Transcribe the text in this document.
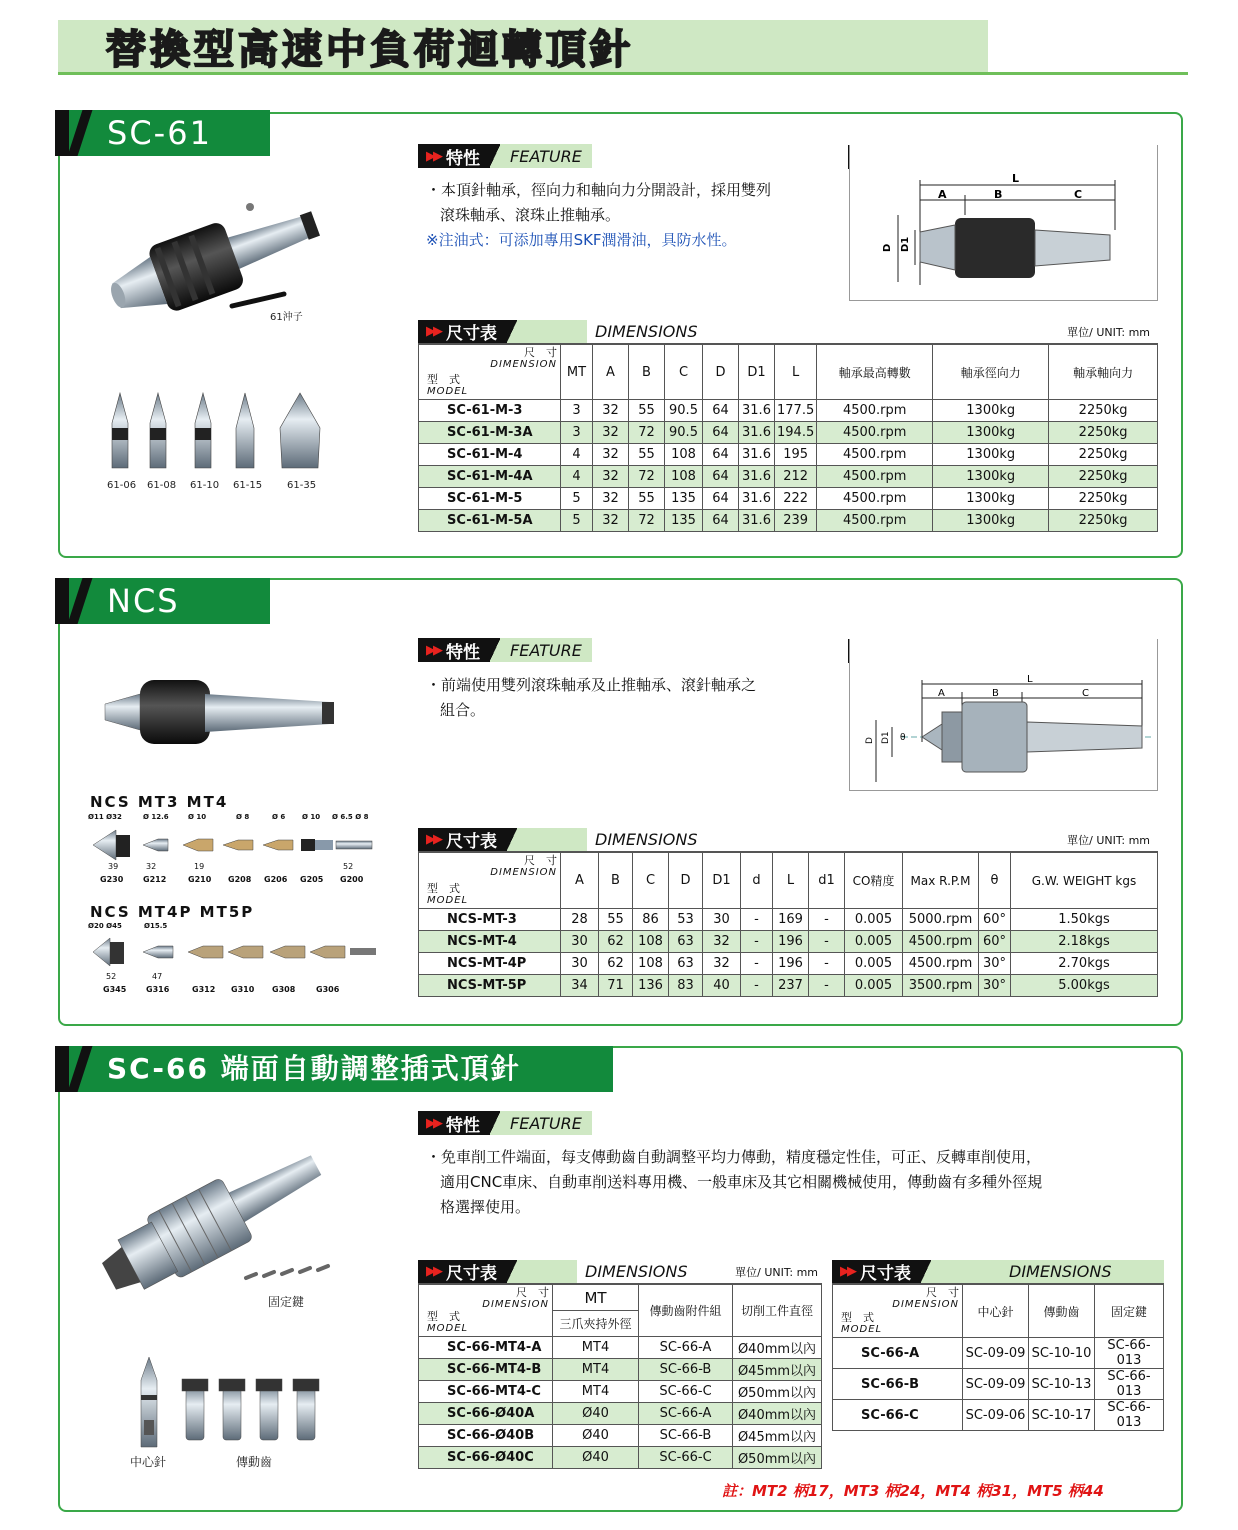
替換型高速中負荷迴轉頂針
SC-61
61沖子
61-06 61-08 61-10 61-15 61-35
▶▶ 特性	FEATURE
・本頂針軸承，徑向力和軸向力分開設計，採用雙列
滾珠軸承、滾珠止推軸承。
※注油式：可添加專用SKF潤滑油，具防水性。
L
A	B	C
D D1
▶▶ 尺寸表	DIMENSIONS	單位/ UNIT: mm
尺　寸
DIMENSION
型　式
MODEL	MT	A	B	C	D	D1	L	軸承最高轉數	軸承徑向力	軸承軸向力
SC-61-M-3	3	32	55	90.5	64	31.6	177.5	4500.rpm	1300kg	2250kg
SC-61-M-3A	3	32	72	90.5	64	31.6	194.5	4500.rpm	1300kg	2250kg
SC-61-M-4	4	32	55	108	64	31.6	195	4500.rpm	1300kg	2250kg
SC-61-M-4A	4	32	72	108	64	31.6	212	4500.rpm	1300kg	2250kg
SC-61-M-5	5	32	55	135	64	31.6	222	4500.rpm	1300kg	2250kg
SC-61-M-5A	5	32	72	135	64	31.6	239	4500.rpm	1300kg	2250kg
NCS
▶▶ 特性	FEATURE
・前端使用雙列滾珠軸承及止推軸承、滾針軸承之
組合。
L
A	B	C
D D1 θ
NCS MT3 MT4
Ø11 Ø32	Ø 12.6	Ø 10	Ø 8	Ø 6 Ø 10 Ø 6.5 Ø 8
G230 G212	G210 G208 G206 G205 G200
39	32	19	52
NCS MT4P MT5P
Ø20 Ø45	Ø15.5
G345 G316	G312 G310 G308	G306
52	47
▶▶ 尺寸表	DIMENSIONS	單位/ UNIT: mm
尺　寸
DIMENSION
型　式
MODEL	A	B	C	D	D1	d	L	d1	CO精度	Max R.P.M	θ	G.W. WEIGHT kgs
NCS-MT-3	28	55	86	53	30	-	169	-	0.005	5000.rpm	60°	1.50kgs
NCS-MT-4	30	62	108	63	32	-	196	-	0.005	4500.rpm	60°	2.18kgs
NCS-MT-4P	30	62	108	63	32	-	196	-	0.005	4500.rpm	30°	2.70kgs
NCS-MT-5P	34	71	136	83	40	-	237	-	0.005	3500.rpm	30°	5.00kgs
SC-66 端面自動調整插式頂針
固定鍵
中心針	傳動齒
▶▶ 特性	FEATURE
・免車削工件端面，每支傳動齒自動調整平均力傳動，精度穩定性佳，可正、反轉車削使用，
適用CNC車床、自動車削送料專用機、一般車床及其它相關機械使用，傳動齒有多種外徑規
格選擇使用。
▶▶ 尺寸表	DIMENSIONS	單位/ UNIT: mm
尺　寸
DIMENSION
型　式
MODEL	MT	傳動齒附件組	切削工件直徑
	三爪夾持外徑		
SC-66-MT4-A	MT4	SC-66-A	Ø40mm以內
SC-66-MT4-B	MT4	SC-66-B	Ø45mm以內
SC-66-MT4-C	MT4	SC-66-C	Ø50mm以內
SC-66-Ø40A	Ø40	SC-66-A	Ø40mm以內
SC-66-Ø40B	Ø40	SC-66-B	Ø45mm以內
SC-66-Ø40C	Ø40	SC-66-C	Ø50mm以內
▶▶ 尺寸表	DIMENSIONS
尺　寸
DIMENSION
型　式
MODEL	中心針	傳動齒	固定鍵
SC-66-A	SC-09-09	SC-10-10	SC-66-013
SC-66-B	SC-09-09	SC-10-13	SC-66-013
SC-66-C	SC-09-06	SC-10-17	SC-66-013
註：MT2 柄17，MT3 柄24，MT4 柄31，MT5 柄44
